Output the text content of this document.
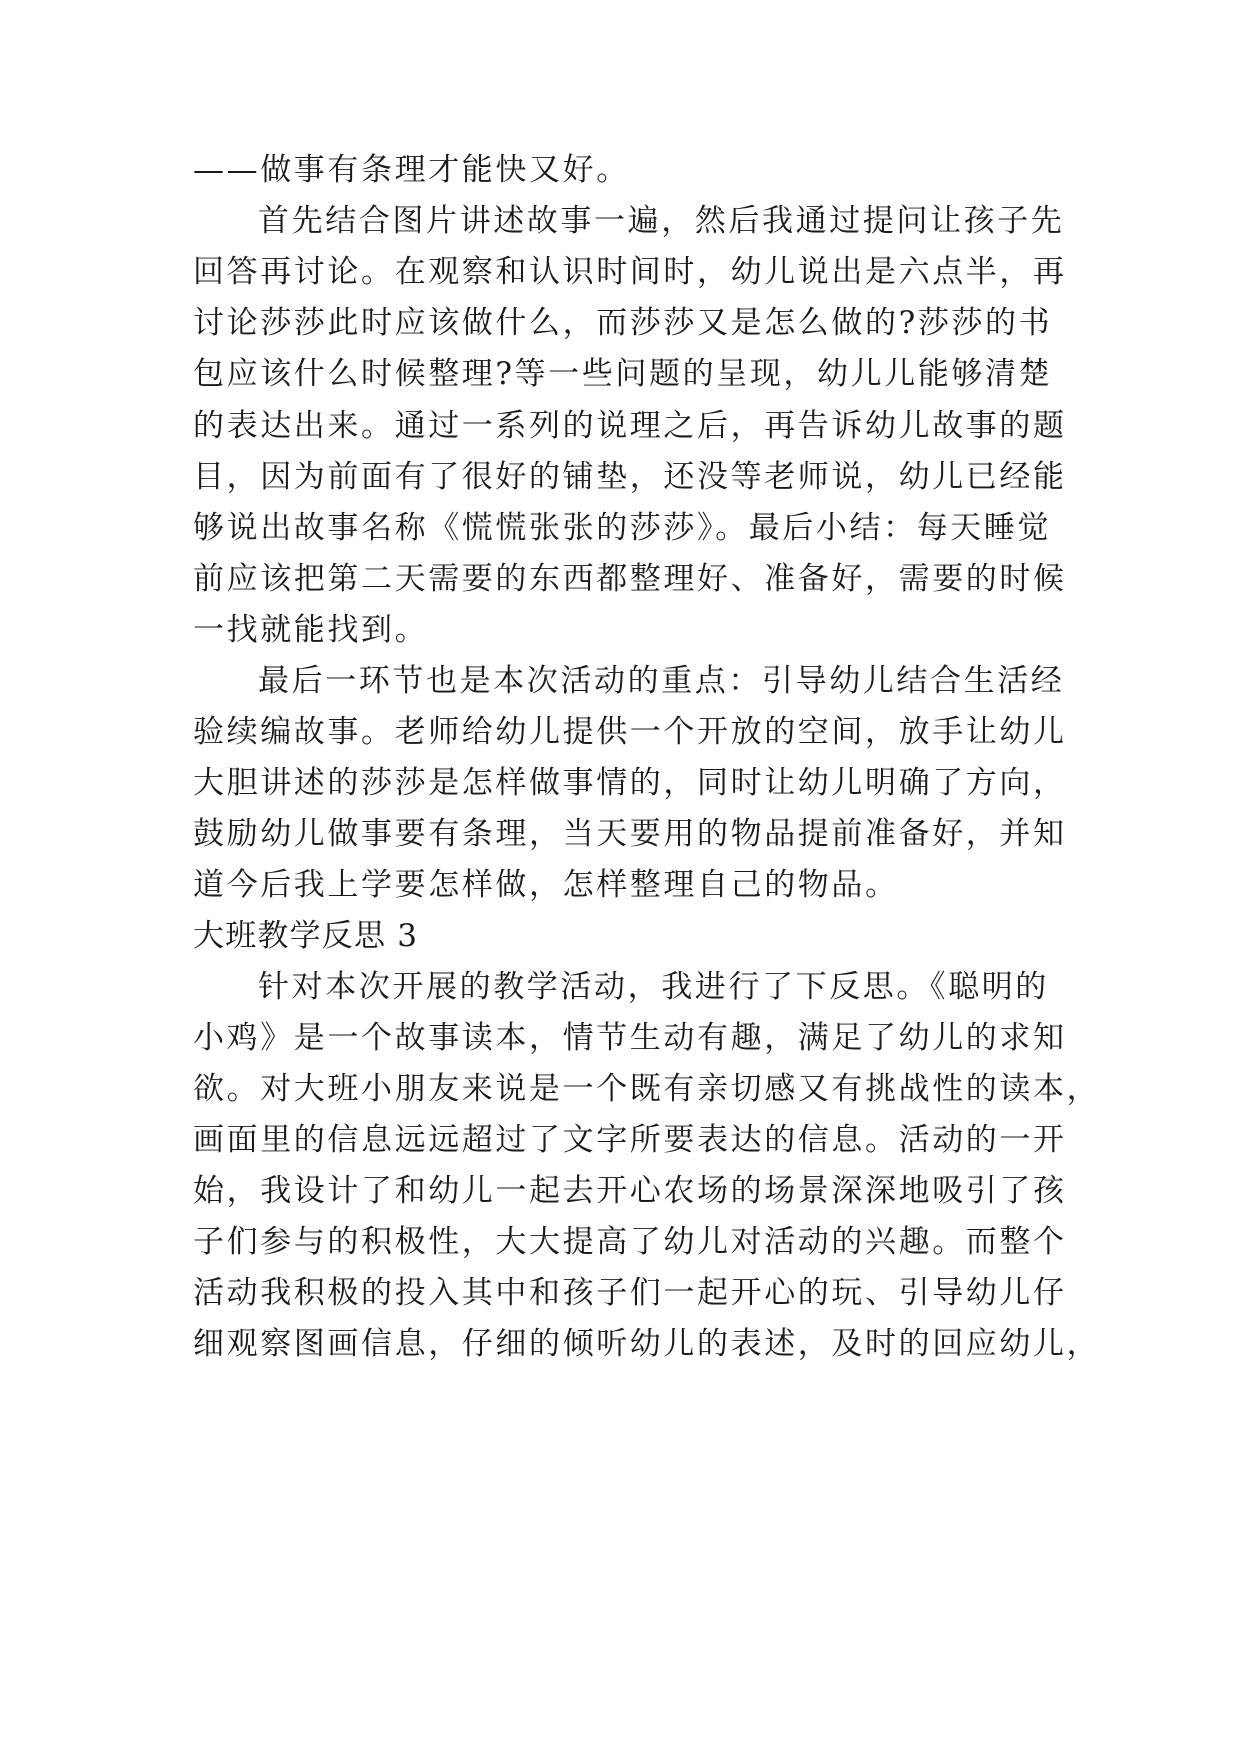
——做事有条理才能快又好。
首先结合图片讲述故事一遍，然后我通过提问让孩子先
回答再讨论。在观察和认识时间时，幼儿说出是六点半，再
讨论莎莎此时应该做什么，而莎莎又是怎么做的?莎莎的书
包应该什么时候整理?等一些问题的呈现，幼儿儿能够清楚
的表达出来。通过一系列的说理之后，再告诉幼儿故事的题
目，因为前面有了很好的铺垫，还没等老师说，幼儿已经能
够说出故事名称《慌慌张张的莎莎》。最后小结：每天睡觉
前应该把第二天需要的东西都整理好、准备好，需要的时候
一找就能找到。
最后一环节也是本次活动的重点：引导幼儿结合生活经
验续编故事。老师给幼儿提供一个开放的空间，放手让幼儿
大胆讲述的莎莎是怎样做事情的，同时让幼儿明确了方向，
鼓励幼儿做事要有条理，当天要用的物品提前准备好，并知
道今后我上学要怎样做，怎样整理自己的物品。
大班教学反思 3
针对本次开展的教学活动，我进行了下反思。《聪明的
小鸡》是一个故事读本，情节生动有趣，满足了幼儿的求知
欲。对大班小朋友来说是一个既有亲切感又有挑战性的读本，
画面里的信息远远超过了文字所要表达的信息。活动的一开
始，我设计了和幼儿一起去开心农场的场景深深地吸引了孩
子们参与的积极性，大大提高了幼儿对活动的兴趣。而整个
活动我积极的投入其中和孩子们一起开心的玩、引导幼儿仔
细观察图画信息，仔细的倾听幼儿的表述，及时的回应幼儿，
